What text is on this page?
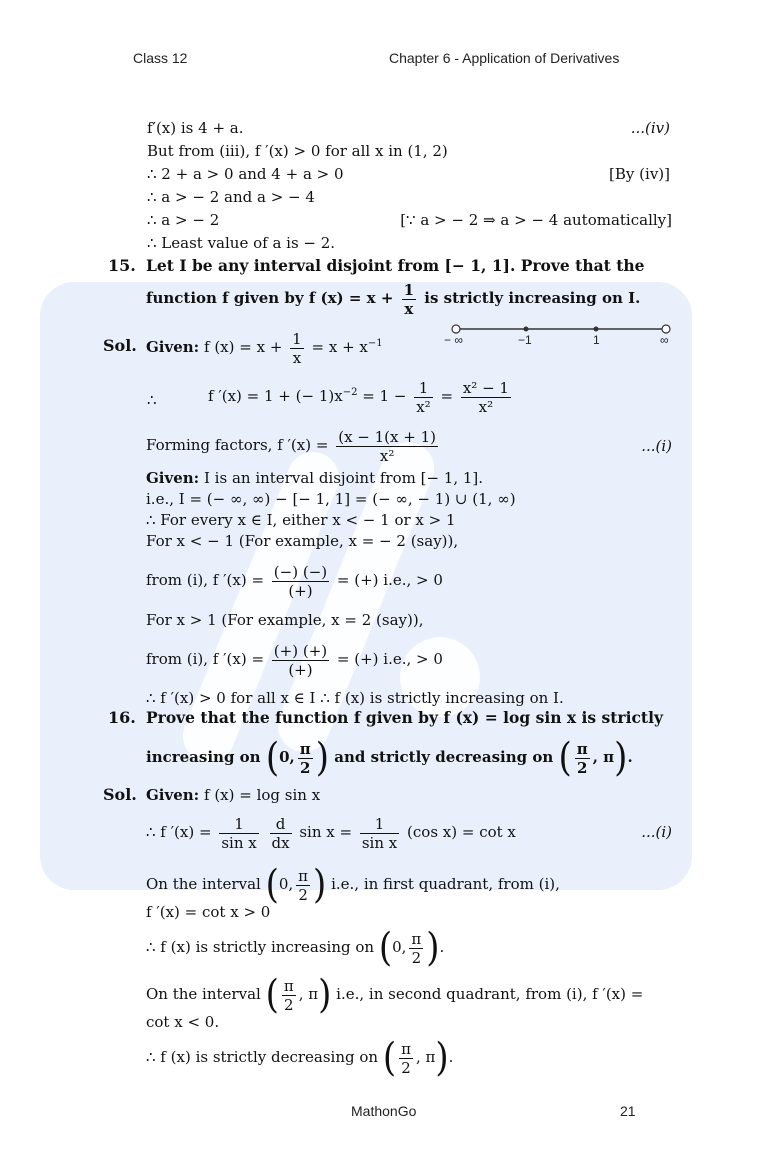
Class 12	Chapter 6 - Application of Derivatives
f′(x) is 4 + a.	...(iv)
But from (iii), f ′(x) > 0 for all x in (1, 2)
∴ 2 + a > 0 and 4 + a > 0	[By (iv)]
∴ a > − 2 and a > − 4
∴ a > − 2	[∵ a > − 2 ⇒ a > − 4 automatically]
∴ Least value of a is − 2.
15. Let I be any interval disjoint from [− 1, 1]. Prove that the
function f given by f $(x) = x + \frac{1}{x}$ is strictly increasing on I.
Sol. Given: f $(x) = x + \frac{1}{x} = x + x^{-1}$	− ∞	−1	1	∞
∴	f ′(x) = 1 + (− $1)x^{-2} = 1 - \frac{1}{\text{x²}} = \frac{\text{x² − 1}}{\text{x²}}$
Forming factors, f $'(x) = \frac{(x - 1(x + 1)}{\text{x²}}$	...(i)
Given: I is an interval disjoint from [− 1, 1].
i.e., I = (− ∞, ∞) − [− 1, 1] = (− ∞, − 1) ∪ (1, ∞)
∴ For every x ∈ I, either x < − 1 or x > 1
For x < − 1 (For example, x = − 2 (say)),
from (i), f ′(x) = (−) (−)
(+)
= (+) i.e., > 0
For x > 1 (For example, x = 2 (say)),
from (i), f ′(x) = (+) (+)
(+)
= (+) i.e., > 0
∴ f ′(x) > 0 for all x ∈ I ∴ f (x) is strictly increasing on I.
16. Prove that the function f given by f (x) = log sin x is strictly
increasing on (0, $\frac{\pi}{2}$ ) and strictly decreasing on ( $\frac{\pi}{2}$ , π).
Sol. Given: f (x) = log sin x
∴ f $'(x) = \frac{1}{\text{sin x}}$
$\frac{d}{dx}$ $\sin x = \frac{1}{\text{sin x}} (\cos$ x) = cot x	...(i)
On the interval (0, $\frac{\pi}{2}$ ) i.e., in first quadrant, from (i),
f ′(x) = cot x > 0
∴ f (x) is strictly increasing on (0, $\frac{\pi}{2}$ ).
On the interval ( $\frac{\pi}{2}$ , π) i.e., in second quadrant, from (i), f ′(x) =
cot x < 0.
∴ f (x) is strictly decreasing on ( $\frac{\pi}{2}$ , π).
MathonGo	21
